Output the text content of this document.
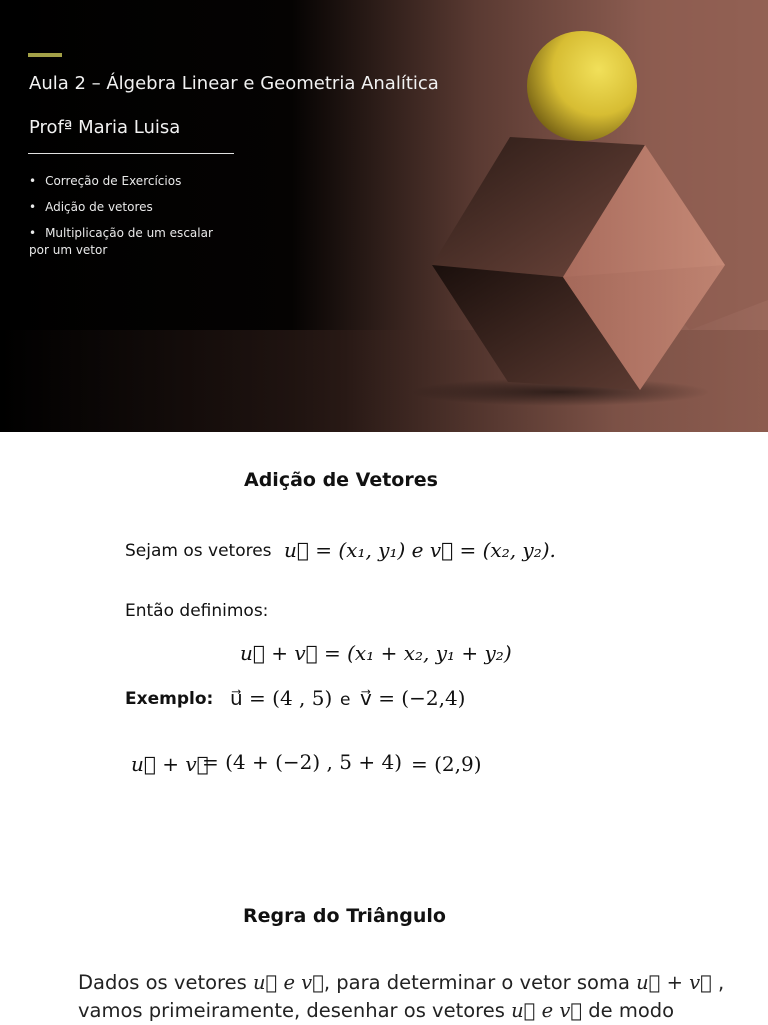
Aula 2 – Álgebra Linear e Geometria Analítica
Profª Maria Luisa
• Correção de Exercícios
• Adição de vetores
• Multiplicação de um escalar por um vetor
Adição de Vetores
Sejam os vetores u⃗ = (x₁, y₁) e v⃗ = (x₂, y₂).
Então definimos:
u⃗ + v⃗ = (x₁ + x₂, y₁ + y₂)
Exemplo: u⃗ = (4 , 5) e v⃗ = (−2,4)
u⃗ + v⃗
= (4 + (−2) , 5 + 4) = (2,9)
Regra do Triângulo
Dados os vetores u⃗ e v⃗, para determinar o vetor soma u⃗ + v⃗ ,
vamos primeiramente, desenhar os vetores u⃗ e v⃗ de modo
